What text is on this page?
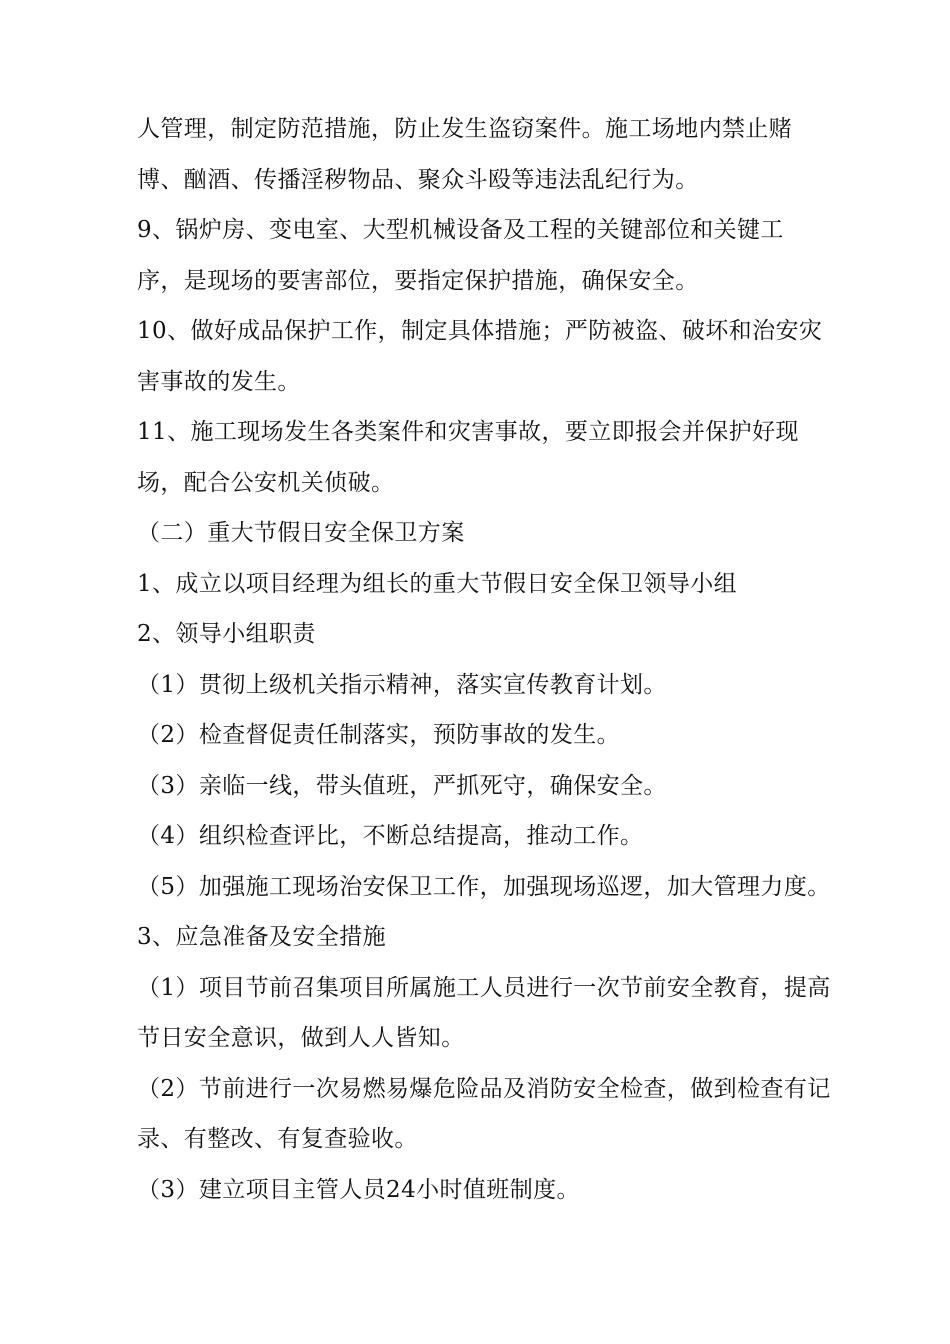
人管理，制定防范措施，防止发生盗窃案件。施工场地内禁止赌
博、酗酒、传播淫秽物品、聚众斗殴等违法乱纪行为。
9、锅炉房、变电室、大型机械设备及工程的关键部位和关键工
序，是现场的要害部位，要指定保护措施，确保安全。
10、做好成品保护工作，制定具体措施；严防被盗、破坏和治安灾
害事故的发生。
11、施工现场发生各类案件和灾害事故，要立即报会并保护好现
场，配合公安机关侦破。
（二）重大节假日安全保卫方案
1、成立以项目经理为组长的重大节假日安全保卫领导小组
2、领导小组职责
（1）贯彻上级机关指示精神，落实宣传教育计划。
（2）检查督促责任制落实，预防事故的发生。
（3）亲临一线，带头值班，严抓死守，确保安全。
（4）组织检查评比，不断总结提高，推动工作。
（5）加强施工现场治安保卫工作，加强现场巡逻，加大管理力度。
3、应急准备及安全措施
（1）项目节前召集项目所属施工人员进行一次节前安全教育，提高
节日安全意识，做到人人皆知。
（2）节前进行一次易燃易爆危险品及消防安全检查，做到检查有记
录、有整改、有复查验收。
（3）建立项目主管人员24小时值班制度。
